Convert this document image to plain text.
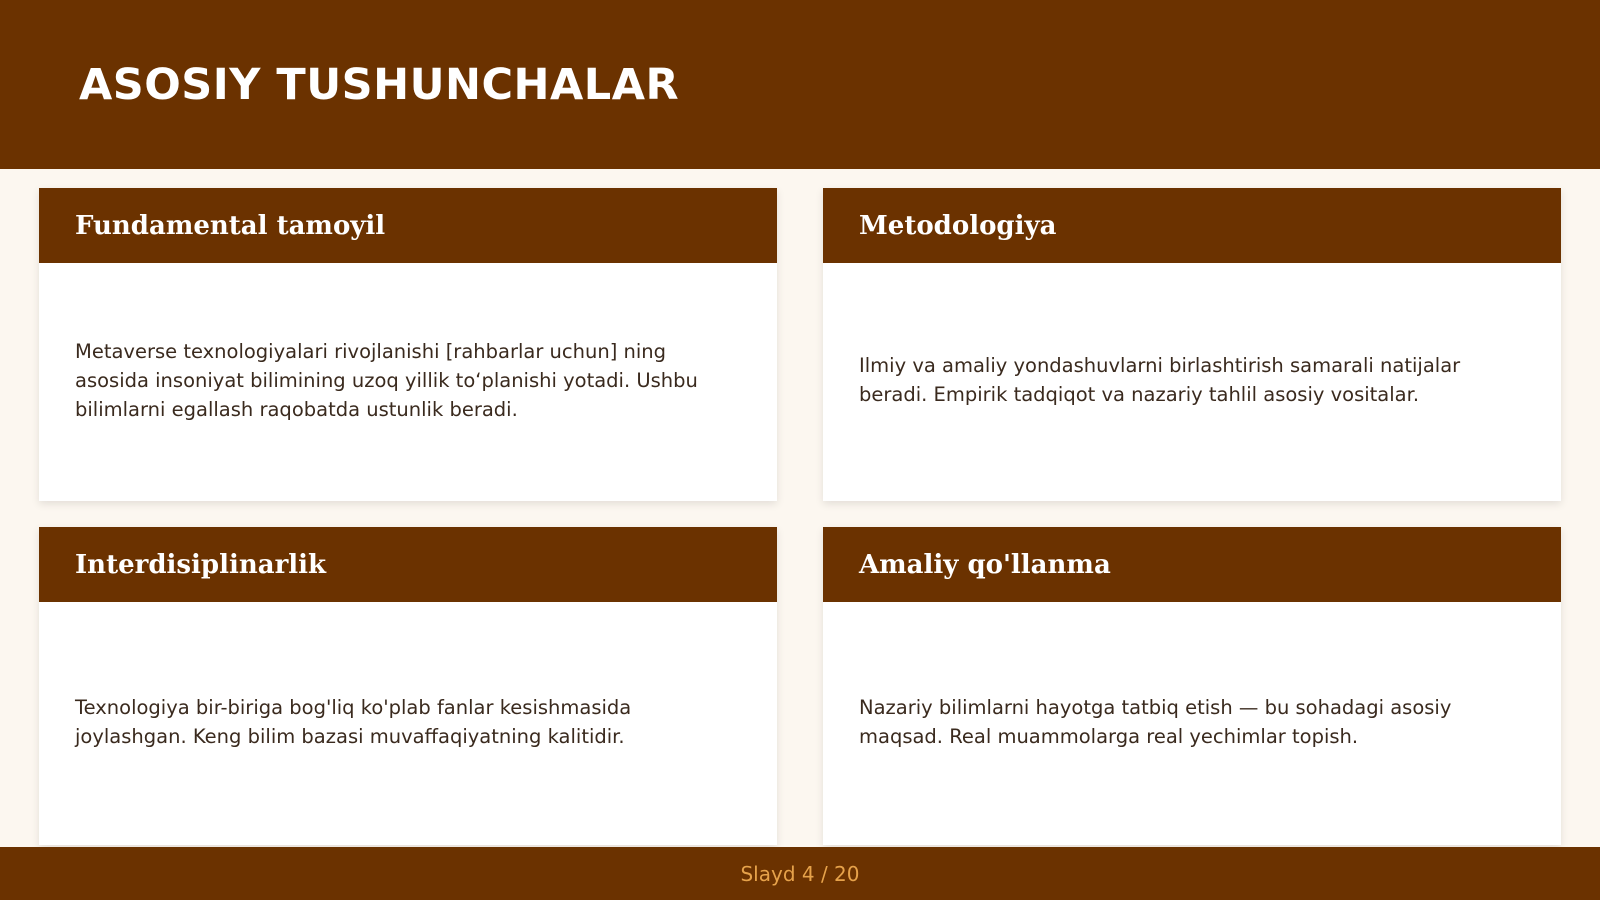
ASOSIY TUSHUNCHALAR
Fundamental tamoyil

Metaverse texnologiyalari rivojlanishi [rahbarlar uchun] ning asosida insoniyat bilimining uzoq yillik to‘planishi yotadi. Ushbu bilimlarni egallash raqobatda ustunlik beradi.

Metodologiya

Ilmiy va amaliy yondashuvlarni birlashtirish samarali natijalar beradi. Empirik tadqiqot va nazariy tahlil asosiy vositalar.

Interdisiplinarlik

Texnologiya bir-biriga bog'liq ko'plab fanlar kesishmasida joylashgan. Keng bilim bazasi muvaffaqiyatning kalitidir.

Amaliy qo'llanma

Nazariy bilimlarni hayotga tatbiq etish — bu sohadagi asosiy maqsad. Real muammolarga real yechimlar topish.

Slayd 4 / 20
